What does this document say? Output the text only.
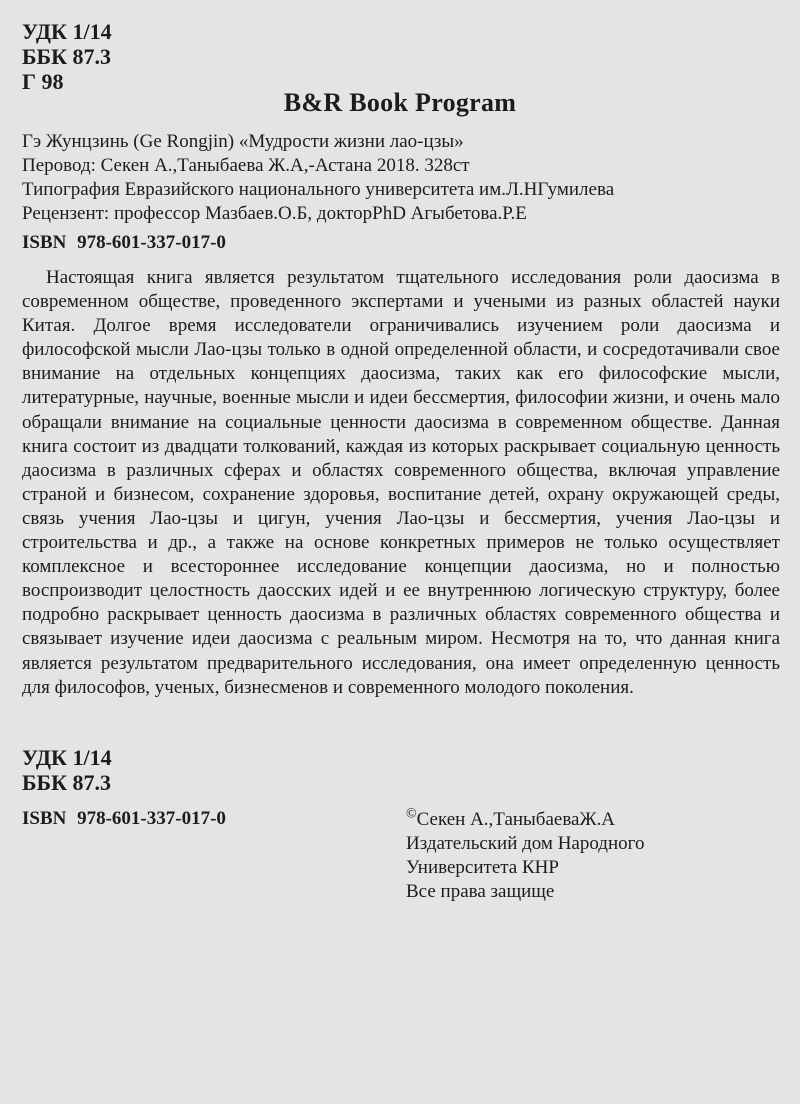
УДК 1/14
ББК 87.3
Г 98
B&R Book Program
Гэ Жунцзинь (Ge Rongjin) «Мудрости жизни лао-цзы»
Перовод: Секен А.,Таныбаева Ж.А,-Астана 2018. 328ст
Типография Евразийского национального университета им.Л.НГумилева
Рецензент: профессор Мазбаев.О.Б, докторPhD Агыбетова.Р.Е
ISBN 978-601-337-017-0
Настоящая книга является результатом тщательного исследования роли даосизма в современном обществе, проведенного экспертами и учеными из разных областей науки Китая. Долгое время исследователи ограничивались изучением роли даосизма и философской мысли Лао-цзы только в одной определенной области, и сосредотачивали свое внимание на отдельных концепциях даосизма, таких как его философские мысли, литературные, научные, военные мысли и идеи бессмертия, философии жизни, и очень мало обращали внимание на социальные ценности даосизма в современном обществе. Данная книга состоит из двадцати толкований, каждая из которых раскрывает социальную ценность даосизма в различных сферах и областях современного общества, включая управление страной и бизнесом, сохранение здоровья, воспитание детей, охрану окружающей среды, связь учения Лао-цзы и цигун, учения Лао-цзы и бессмертия, учения Лао-цзы и строительства и др., а также на основе конкретных примеров не только осуществляет комплексное и всестороннее исследование концепции даосизма, но и полностью воспроизводит целостность даосских идей и ее внутреннюю логическую структуру, более подробно раскрывает ценность даосизма в различных областях современного общества и связывает изучение идеи даосизма с реальным миром. Несмотря на то, что данная книга является результатом предварительного исследования, она имеет определенную ценность для философов, ученых, бизнесменов и современного молодого поколения.
УДК 1/14
ББК 87.3
ISBN 978-601-337-017-0	©Секен А.,ТаныбаеваЖ.А
Издательский дом Народного
Университета КНР
Все права защище
